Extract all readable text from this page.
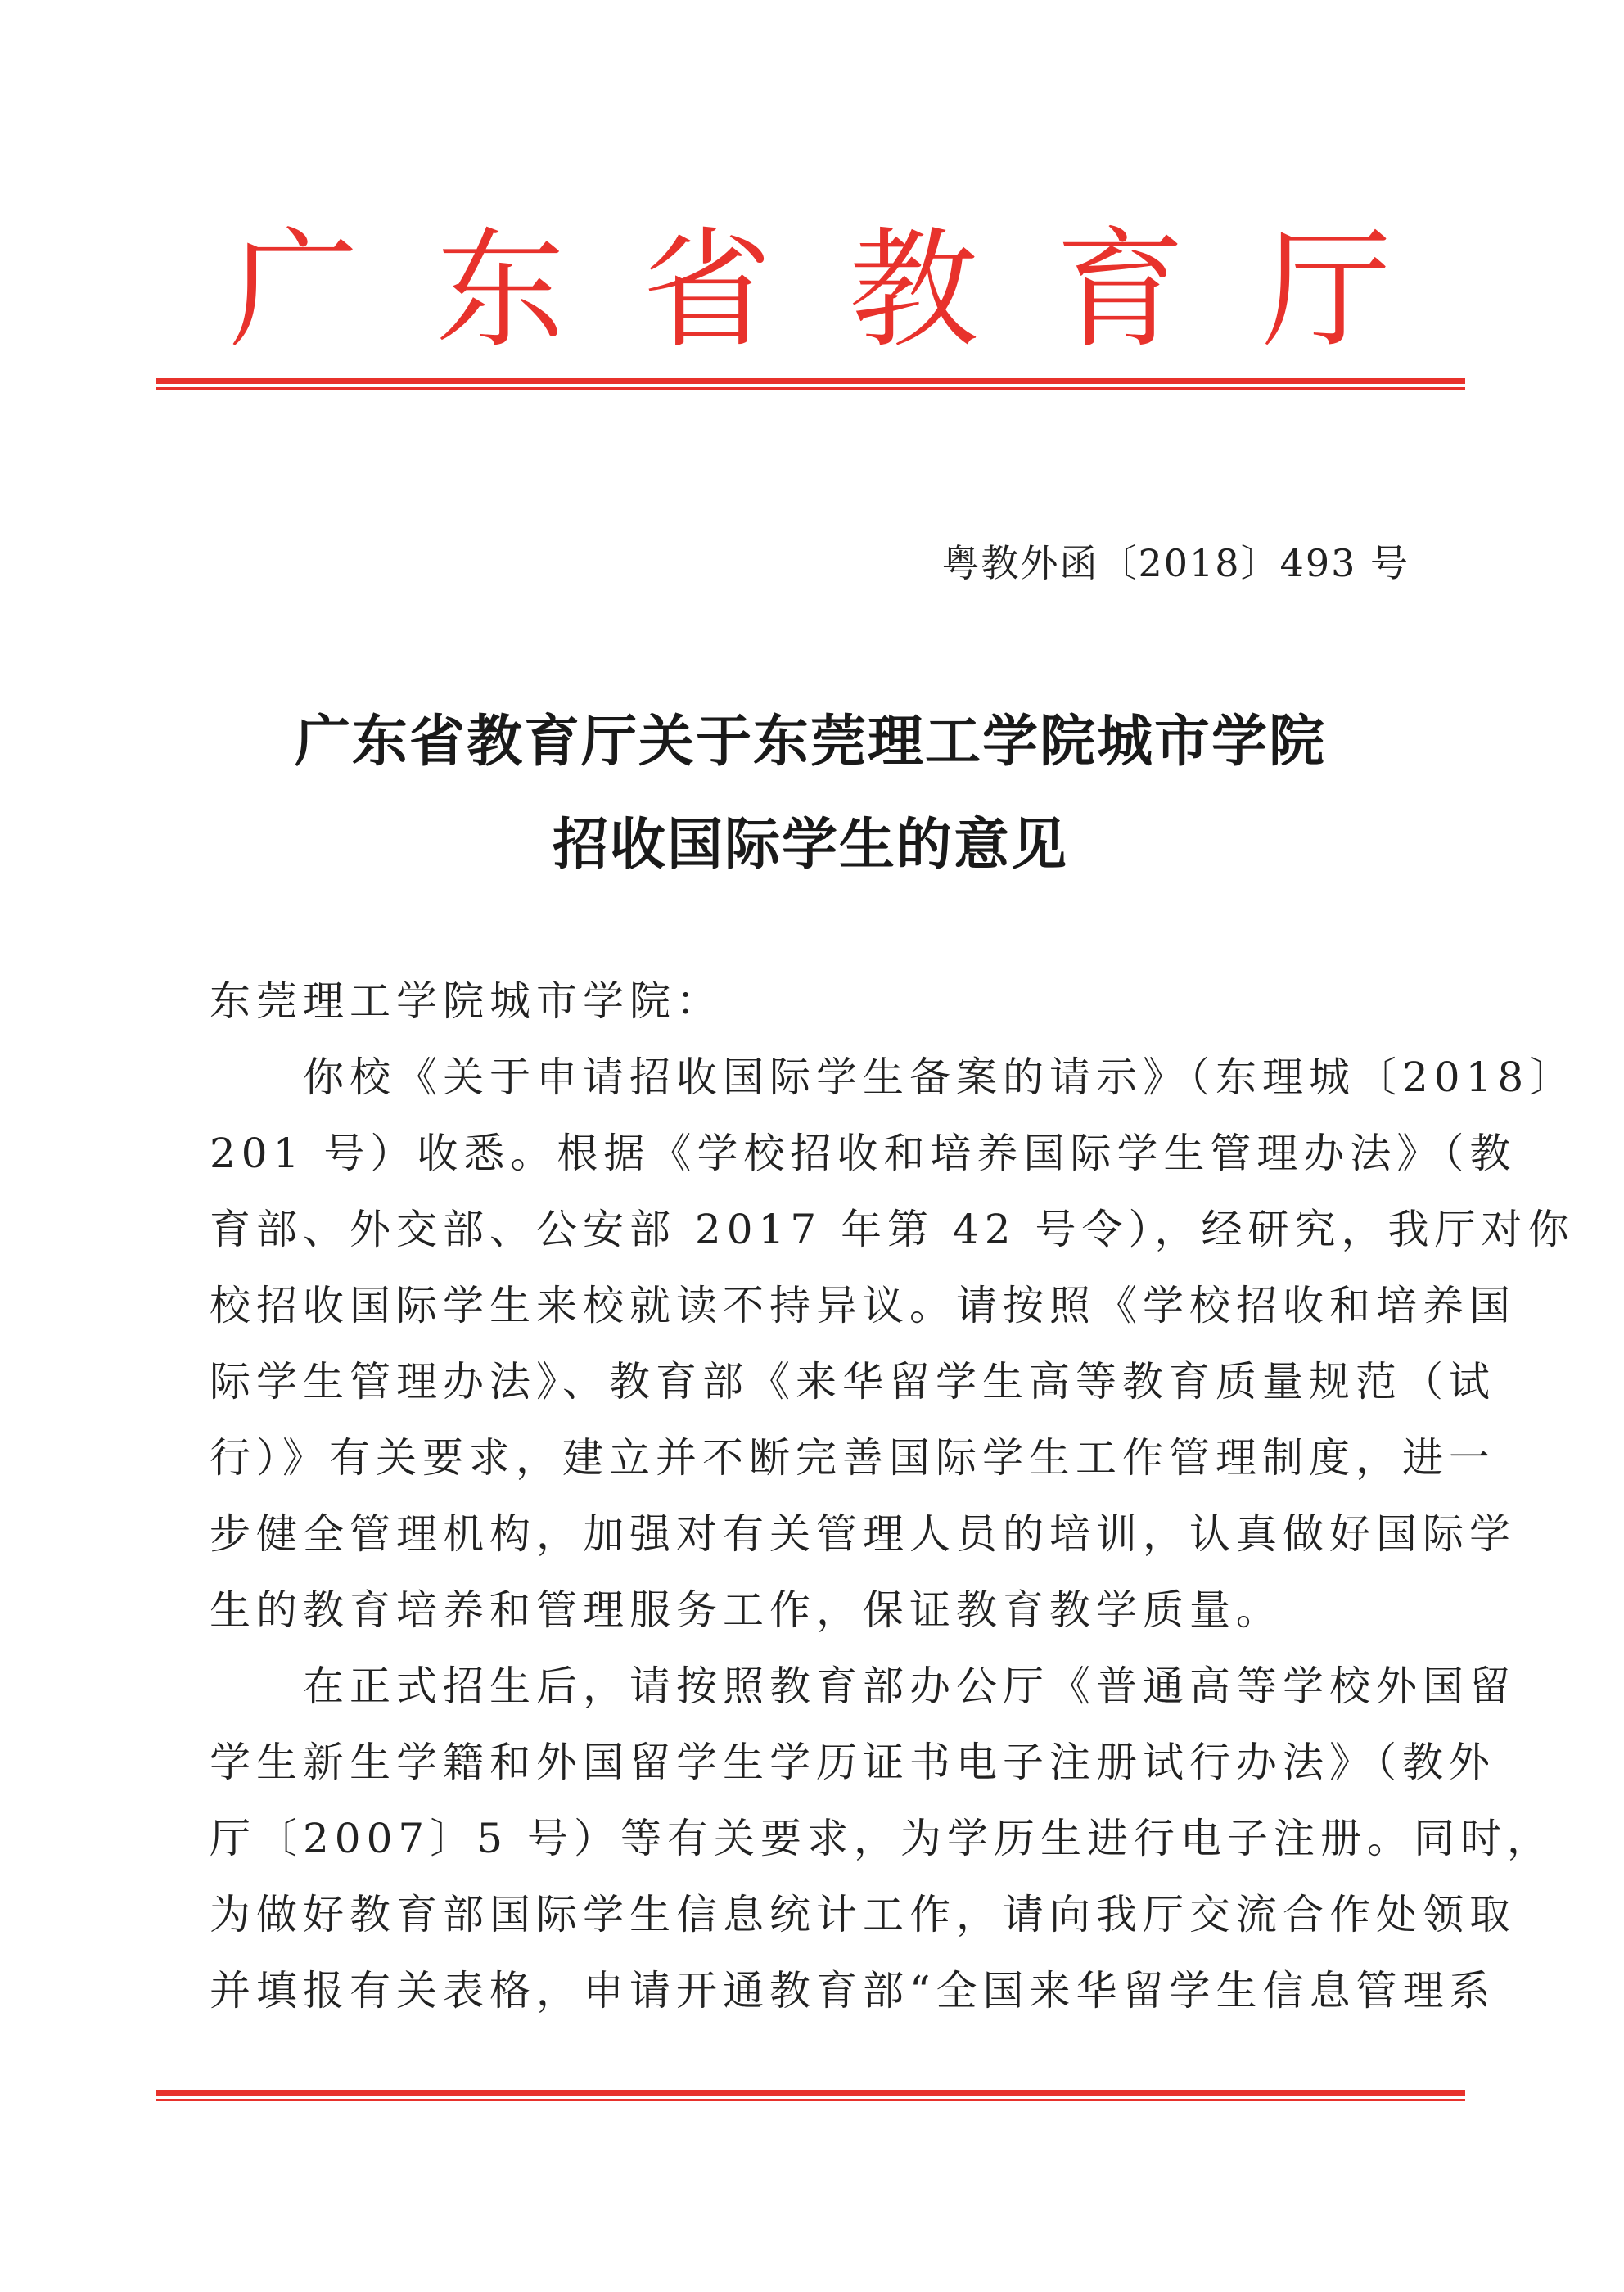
广 东 省 教 育 厅
粤教外函〔2018〕493 号
广东省教育厅关于东莞理工学院城市学院
招收国际学生的意见
东莞理工学院城市学院：
　　你校《关于申请招收国际学生备案的请示》（东理城〔2018〕
201 号）收悉。根据《学校招收和培养国际学生管理办法》（教
育部、外交部、公安部 2017 年第 42 号令），经研究，我厅对你
校招收国际学生来校就读不持异议。请按照《学校招收和培养国
际学生管理办法》、教育部《来华留学生高等教育质量规范（试
行）》有关要求，建立并不断完善国际学生工作管理制度，进一
步健全管理机构，加强对有关管理人员的培训，认真做好国际学
生的教育培养和管理服务工作，保证教育教学质量。
　　在正式招生后，请按照教育部办公厅《普通高等学校外国留
学生新生学籍和外国留学生学历证书电子注册试行办法》（教外
厅〔2007〕5 号）等有关要求，为学历生进行电子注册。同时，
为做好教育部国际学生信息统计工作，请向我厅交流合作处领取
并填报有关表格，申请开通教育部“全国来华留学生信息管理系
